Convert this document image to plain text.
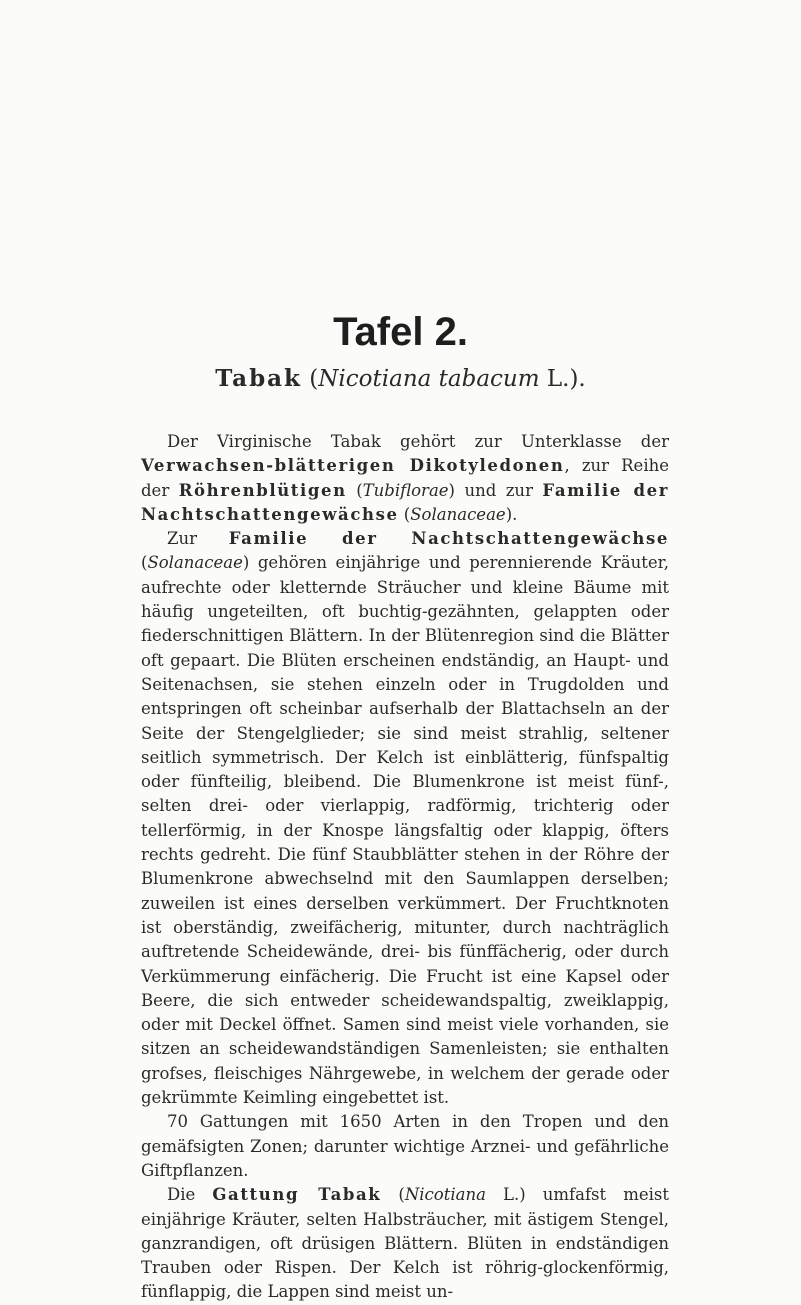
Tafel 2.
Tabak (Nicotiana tabacum L.).

Der Virginische Tabak gehört zur Unterklasse der Verwachsen-blätterigen Dikotyledonen, zur Reihe der Röhrenblütigen (Tubiflorae) und zur Familie der Nachtschattengewächse (Solanaceae).

Zur Familie der Nachtschattengewächse (Solanaceae) gehören einjährige und perennierende Kräuter, aufrechte oder kletternde Sträucher und kleine Bäume mit häufig ungeteilten, oft buchtig-gezähnten, gelappten oder fiederschnittigen Blättern. In der Blütenregion sind die Blätter oft gepaart. Die Blüten erscheinen endständig, an Haupt- und Seitenachsen, sie stehen einzeln oder in Trugdolden und entspringen oft scheinbar aufserhalb der Blattachseln an der Seite der Stengelglieder; sie sind meist strahlig, seltener seitlich symmetrisch. Der Kelch ist einblätterig, fünfspaltig oder fünfteilig, bleibend. Die Blumenkrone ist meist fünf-, selten drei- oder vierlappig, radförmig, trichterig oder tellerförmig, in der Knospe längsfaltig oder klappig, öfters rechts gedreht. Die fünf Staubblätter stehen in der Röhre der Blumenkrone abwechselnd mit den Saumlappen derselben; zuweilen ist eines derselben verkümmert. Der Fruchtknoten ist oberständig, zweifächerig, mitunter, durch nachträglich auftretende Scheidewände, drei- bis fünffächerig, oder durch Verkümmerung einfächerig. Die Frucht ist eine Kapsel oder Beere, die sich entweder scheidewandspaltig, zweiklappig, oder mit Deckel öffnet. Samen sind meist viele vorhanden, sie sitzen an scheidewandständigen Samenleisten; sie enthalten grofses, fleischiges Nährgewebe, in welchem der gerade oder gekrümmte Keimling eingebettet ist.

70 Gattungen mit 1650 Arten in den Tropen und den gemäfsigten Zonen; darunter wichtige Arznei- und gefährliche Giftpflanzen.

Die Gattung Tabak (Nicotiana L.) umfafst meist einjährige Kräuter, selten Halbsträucher, mit ästigem Stengel, ganzrandigen, oft drüsigen Blättern. Blüten in endständigen Trauben oder Rispen. Der Kelch ist röhrig-glockenförmig, fünflappig, die Lappen sind meist un-
